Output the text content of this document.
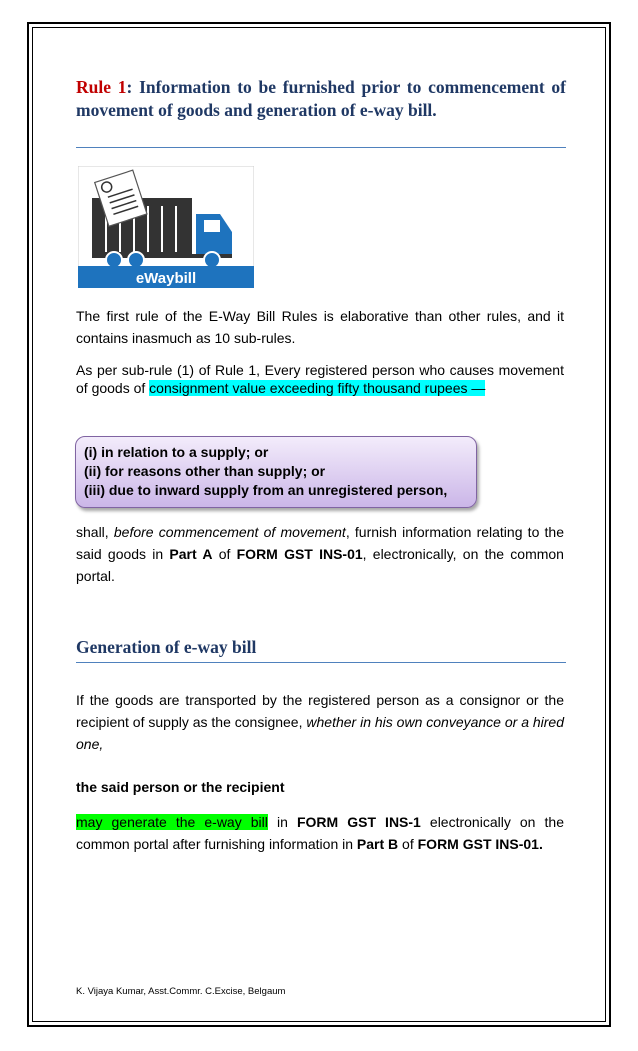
Rule 1: Information to be furnished prior to commencement of movement of goods and generation of e-way bill.
eWaybill

The first rule of the E-Way Bill Rules is elaborative than other rules, and it contains inasmuch as 10 sub-rules.

As per sub-rule (1) of Rule 1, Every registered person who causes movement of goods of consignment value exceeding fifty thousand rupees —

(i) in relation to a supply; or
(ii) for reasons other than supply; or
(iii) due to inward supply from an unregistered person,

shall, before commencement of movement, furnish information relating to the said goods in Part A of FORM GST INS-01, electronically, on the common portal.

Generation of e-way bill

If the goods are transported by the registered person as a consignor or the recipient of supply as the consignee, whether in his own conveyance or a hired one,

the said person or the recipient

may generate the e-way bill in FORM GST INS-1 electronically on the common portal after furnishing information in Part B of FORM GST INS-01.

K. Vijaya Kumar, Asst.Commr. C.Excise, Belgaum
